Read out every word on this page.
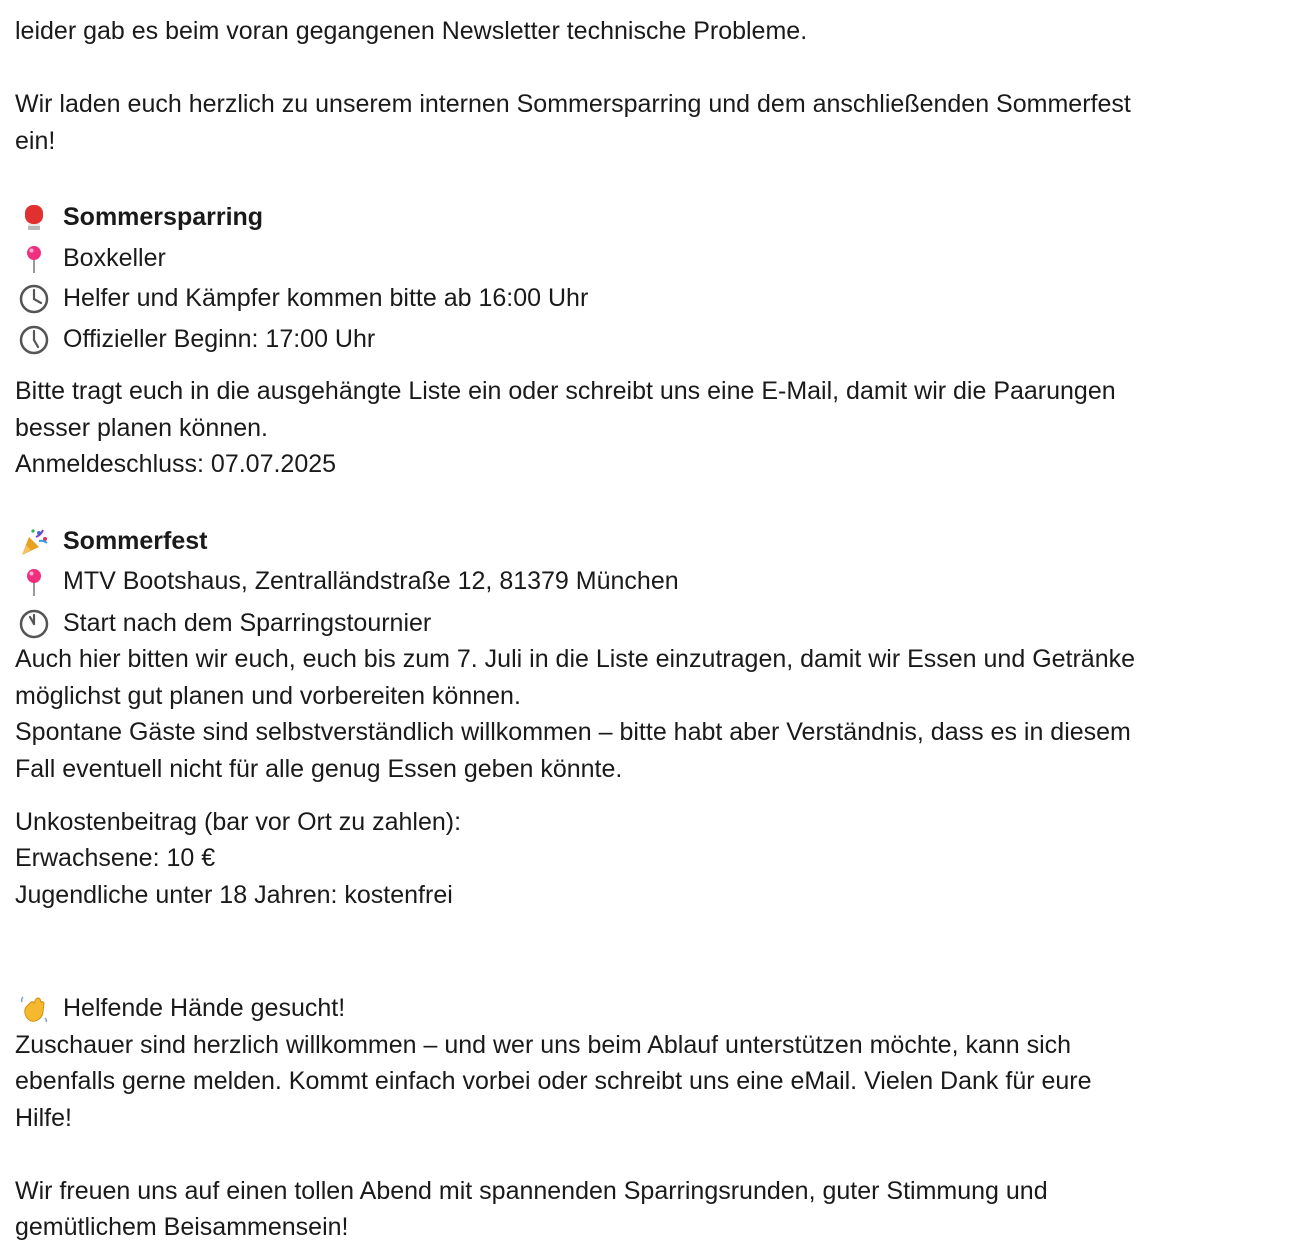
leider gab es beim voran gegangenen Newsletter technische Probleme.
Wir laden euch herzlich zu unserem internen Sommersparring und dem anschließenden Sommerfest
ein!
Sommersparring
Boxkeller
Helfer und Kämpfer kommen bitte ab 16:00 Uhr
Offizieller Beginn: 17:00 Uhr
Bitte tragt euch in die ausgehängte Liste ein oder schreibt uns eine E-Mail, damit wir die Paarungen
besser planen können.
Anmeldeschluss: 07.07.2025
Sommerfest
MTV Bootshaus, Zentralländstraße 12, 81379 München
Start nach dem Sparringstournier
Auch hier bitten wir euch, euch bis zum 7. Juli in die Liste einzutragen, damit wir Essen und Getränke
möglichst gut planen und vorbereiten können.
Spontane Gäste sind selbstverständlich willkommen – bitte habt aber Verständnis, dass es in diesem
Fall eventuell nicht für alle genug Essen geben könnte.
Unkostenbeitrag (bar vor Ort zu zahlen):
Erwachsene: 10 €
Jugendliche unter 18 Jahren: kostenfrei
Helfende Hände gesucht!
Zuschauer sind herzlich willkommen – und wer uns beim Ablauf unterstützen möchte, kann sich
ebenfalls gerne melden. Kommt einfach vorbei oder schreibt uns eine eMail. Vielen Dank für eure
Hilfe!
Wir freuen uns auf einen tollen Abend mit spannenden Sparringsrunden, guter Stimmung und
gemütlichem Beisammensein!
